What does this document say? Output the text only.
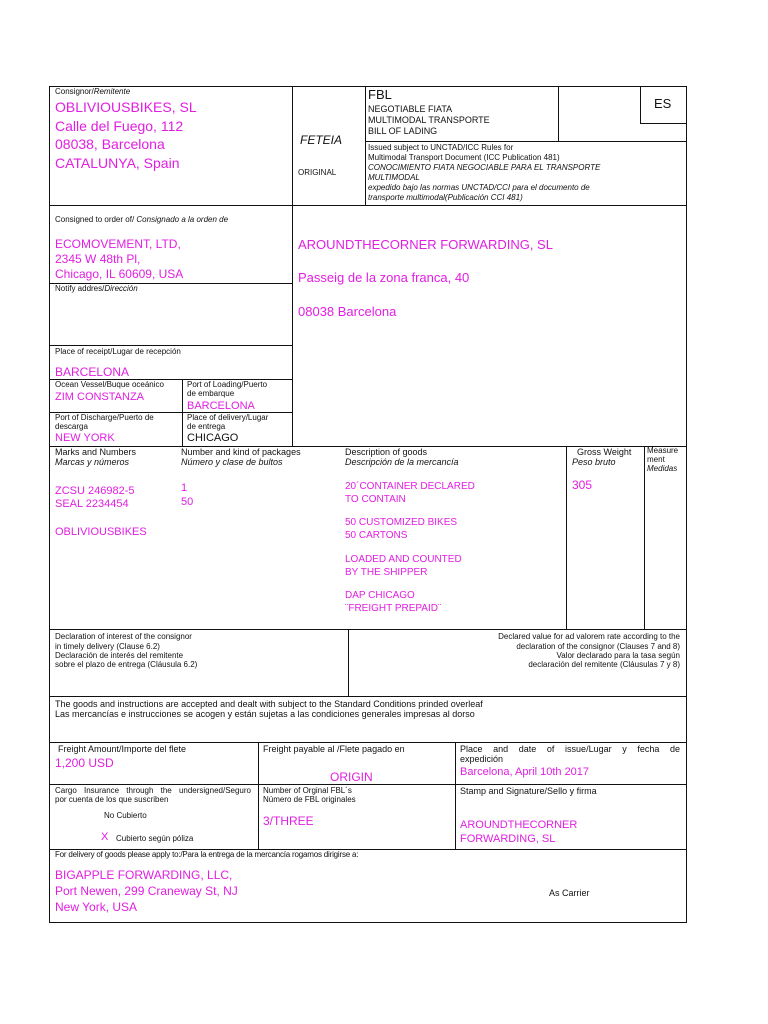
Consignor/Remitente
OBLIVIOUSBIKES, SL
Calle del Fuego, 112
08038, Barcelona
CATALUNYA, Spain
FBL
NEGOTIABLE FIATA
MULTIMODAL TRANSPORTE
BILL OF LADING
ES
FETEIA
ORIGINAL
Issued subject to UNCTAD/ICC Rules for
Multimodal Transport Document (ICC Publication 481)
CONOCIMIENTO FIATA NEGOCIABLE PARA EL TRANSPORTE
MULTIMODAL
expedido bajo las normas UNCTAD/CCI para el documento de
transporte multimodal(Publicación CCI 481)
Consigned to order of/ Consignado a la orden de
ECOMOVEMENT, LTD,
2345 W 48th Pl,
Chicago, IL 60609, USA
AROUNDTHECORNER FORWARDING, SL
Passeig de la zona franca, 40
08038 Barcelona
Notify addres/Dirección
Place of receipt/Lugar de recepción
BARCELONA
Ocean Vessel/Buque oceánico
ZIM CONSTANZA
Port of Loading/Puerto
de embarque
BARCELONA
Port of Discharge/Puerto de
descarga
NEW YORK
Place of delivery/Lugar
de entrega
CHICAGO
Marks and Numbers
Marcas y números
Number and kind of packages
Número y clase de bultos
Description of goods
Descripción de la mercancía
Gross Weight
Peso bruto
Measure
ment
Medidas
ZCSU 246982-5
SEAL 2234454
OBLIVIOUSBIKES
1
50
20´CONTAINER DECLARED
TO CONTAIN
50 CUSTOMIZED BIKES
50 CARTONS
LOADED AND COUNTED
BY THE SHIPPER
DAP CHICAGO
¨FREIGHT PREPAID¨
305
Declaration of interest of the consignor
in timely delivery (Clause 6.2)
Declaración de interés del remitente
sobre el plazo de entrega (Cláusula 6.2)
Declared value for ad valorem rate according to the
declaration of the consignor (Clauses 7 and 8)
Valor declarado para la tasa según
declaración del remitente (Cláusulas 7 y 8)
The goods and instructions are accepted and dealt with subject to the Standard Conditions prinded overleaf
Las mercancías e instrucciones se acogen y están sujetas a las condiciones generales impresas al dorso
Freight Amount/Importe del flete
1,200 USD
Freight payable al /Flete pagado en
ORIGIN
Place and date of issue/Lugar y fecha de
expedición
Barcelona, April 10th 2017
Cargo Insurance through the undersigned/Seguro
por cuenta de los que suscriben
No Cubierto
X Cubierto según póliza
Number of Orginal FBL´s
Número de FBL originales
3/THREE
Stamp and Signature/Sello y firma
AROUNDTHECORNER
FORWARDING, SL
For delivery of goods please apply to:/Para la entrega de la mercancía rogamos dirigirse a:
BIGAPPLE FORWARDING, LLC,
Port Newen, 299 Craneway St, NJ
New York, USA
As Carrier
